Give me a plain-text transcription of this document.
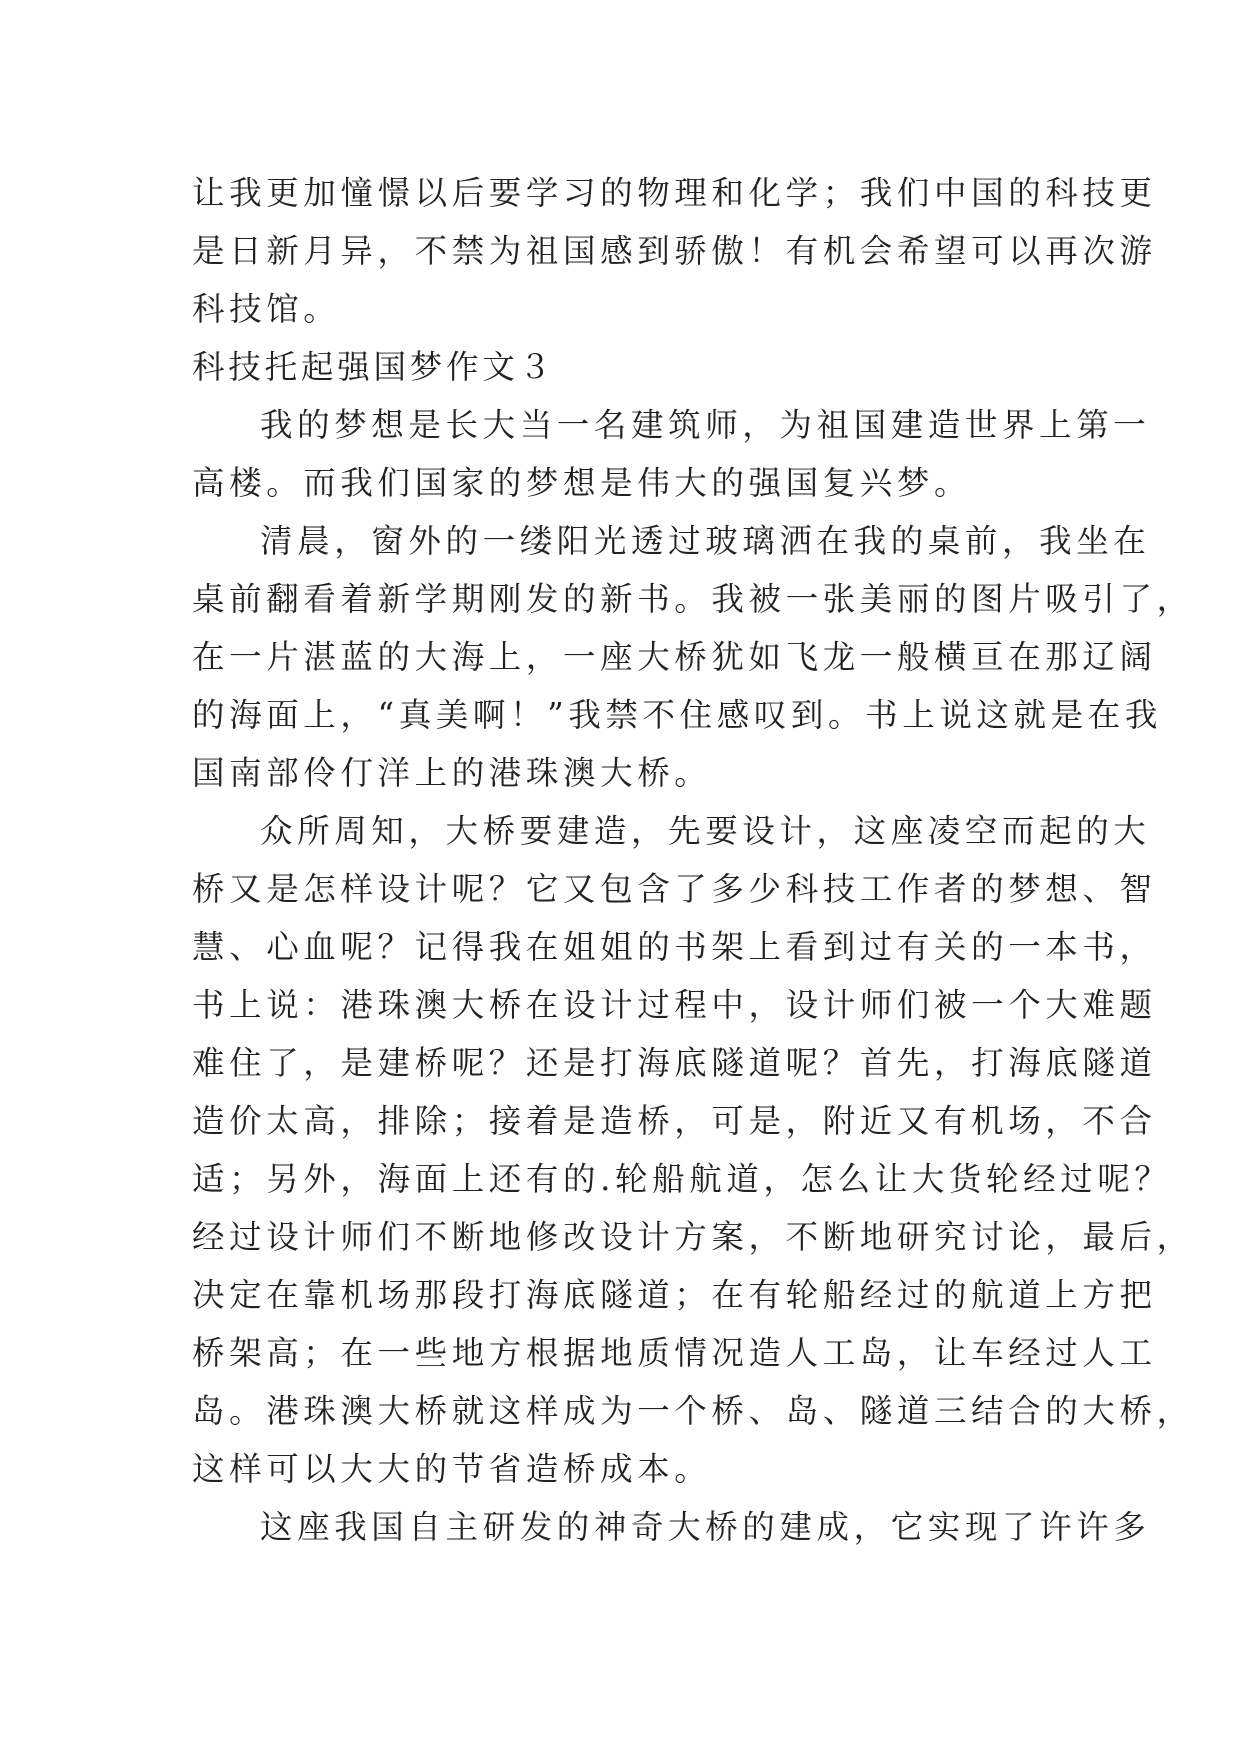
让我更加憧憬以后要学习的物理和化学；我们中国的科技更
是日新月异，不禁为祖国感到骄傲！有机会希望可以再次游
科技馆。
科技托起强国梦作文３
我的梦想是长大当一名建筑师，为祖国建造世界上第一
高楼。而我们国家的梦想是伟大的强国复兴梦。
清晨，窗外的一缕阳光透过玻璃洒在我的桌前，我坐在
桌前翻看着新学期刚发的新书。我被一张美丽的图片吸引了，
在一片湛蓝的大海上，一座大桥犹如飞龙一般横亘在那辽阔
的海面上，“真美啊！”我禁不住感叹到。书上说这就是在我
国南部伶仃洋上的港珠澳大桥。
众所周知，大桥要建造，先要设计，这座凌空而起的大
桥又是怎样设计呢？它又包含了多少科技工作者的梦想、智
慧、心血呢？记得我在姐姐的书架上看到过有关的一本书，
书上说：港珠澳大桥在设计过程中，设计师们被一个大难题
难住了，是建桥呢？还是打海底隧道呢？首先，打海底隧道
造价太高，排除；接着是造桥，可是，附近又有机场，不合
适；另外，海面上还有的.轮船航道，怎么让大货轮经过呢？
经过设计师们不断地修改设计方案，不断地研究讨论，最后，
决定在靠机场那段打海底隧道；在有轮船经过的航道上方把
桥架高；在一些地方根据地质情况造人工岛，让车经过人工
岛。港珠澳大桥就这样成为一个桥、岛、隧道三结合的大桥，
这样可以大大的节省造桥成本。
这座我国自主研发的神奇大桥的建成，它实现了许许多
